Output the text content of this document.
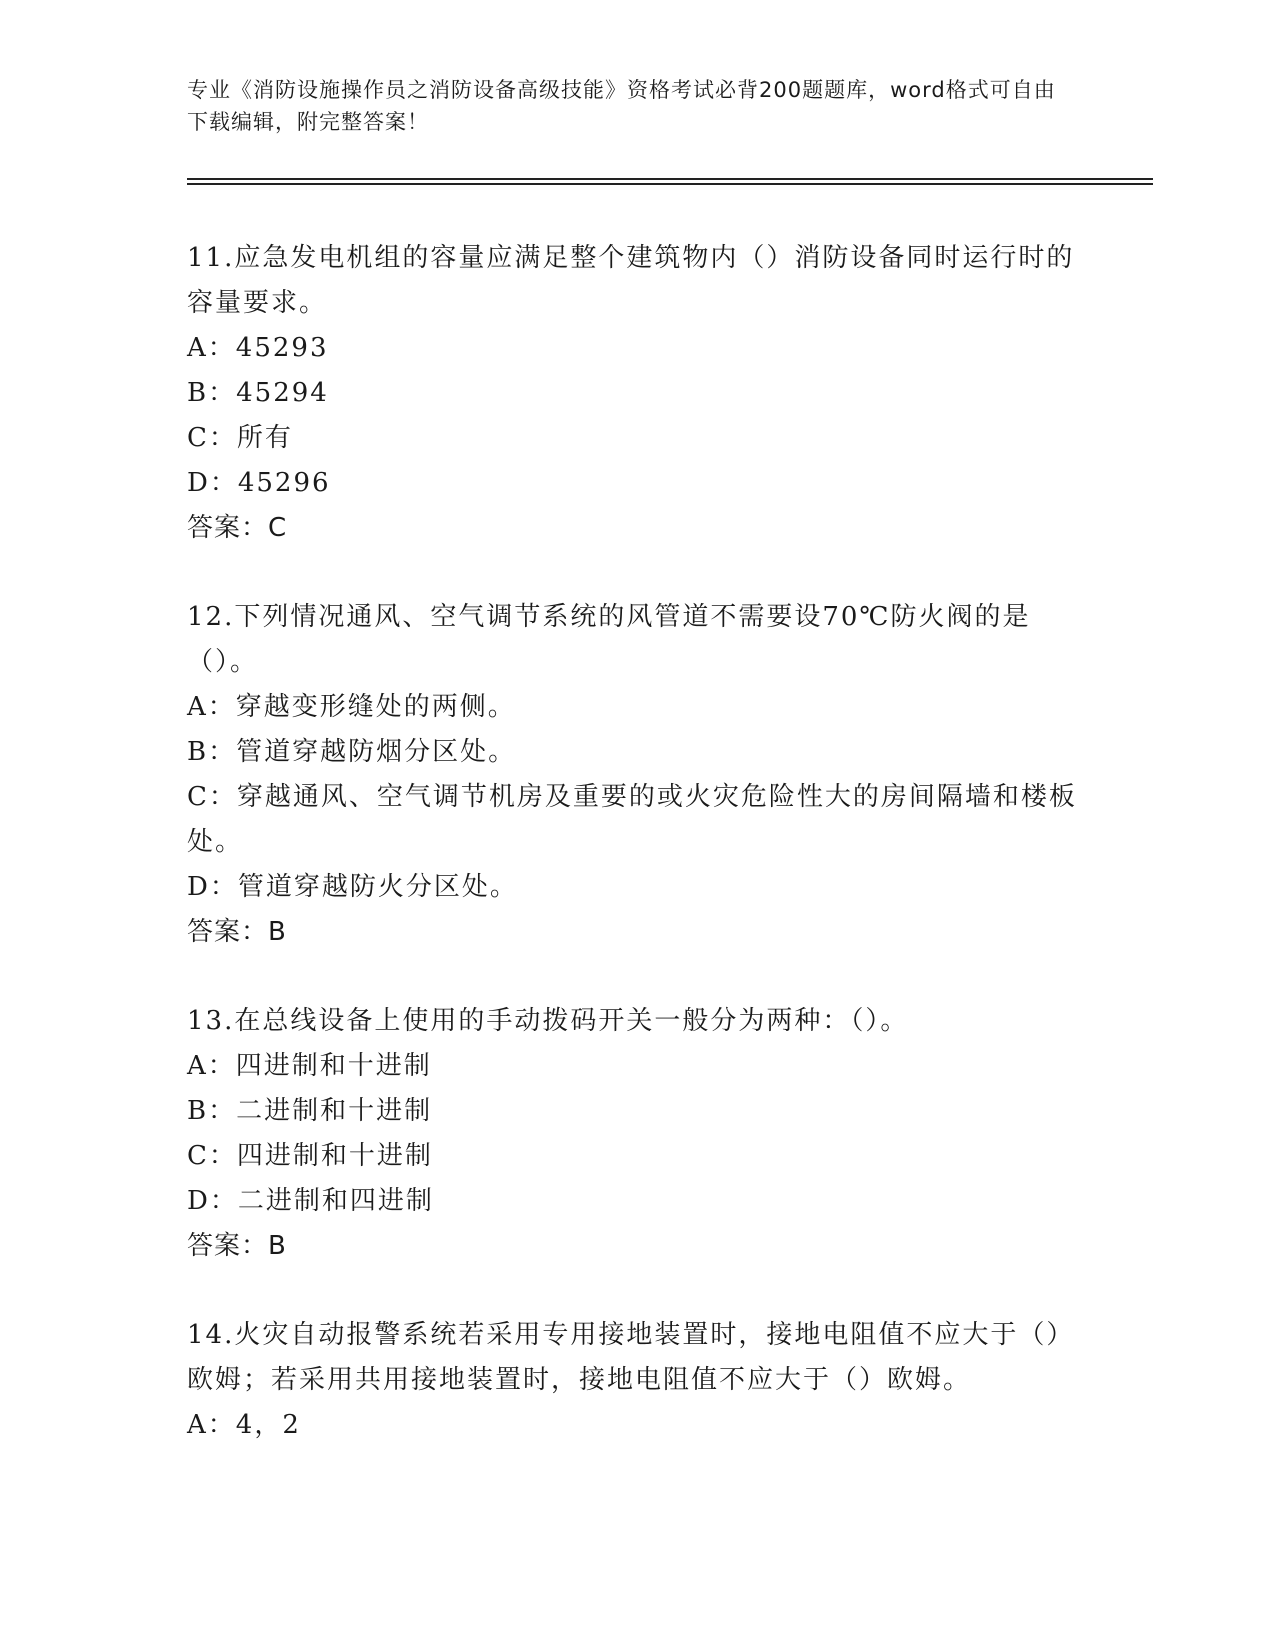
专业《消防设施操作员之消防设备高级技能》资格考试必背200题题库，word格式可自由下载编辑，附完整答案！

11.应急发电机组的容量应满足整个建筑物内（）消防设备同时运行时的容量要求。

A：45293

B：45294

C：所有

D：45296

答案：C

12.下列情况通风、空气调节系统的风管道不需要设70℃防火阀的是（）。

A：穿越变形缝处的两侧。

B：管道穿越防烟分区处。

C：穿越通风、空气调节机房及重要的或火灾危险性大的房间隔墙和楼板处。

D：管道穿越防火分区处。

答案：B

13.在总线设备上使用的手动拨码开关一般分为两种：（）。

A：四进制和十进制

B：二进制和十进制

C：四进制和十进制

D：二进制和四进制

答案：B

14.火灾自动报警系统若采用专用接地装置时，接地电阻值不应大于（）欧姆；若采用共用接地装置时，接地电阻值不应大于（）欧姆。

A：4，2
